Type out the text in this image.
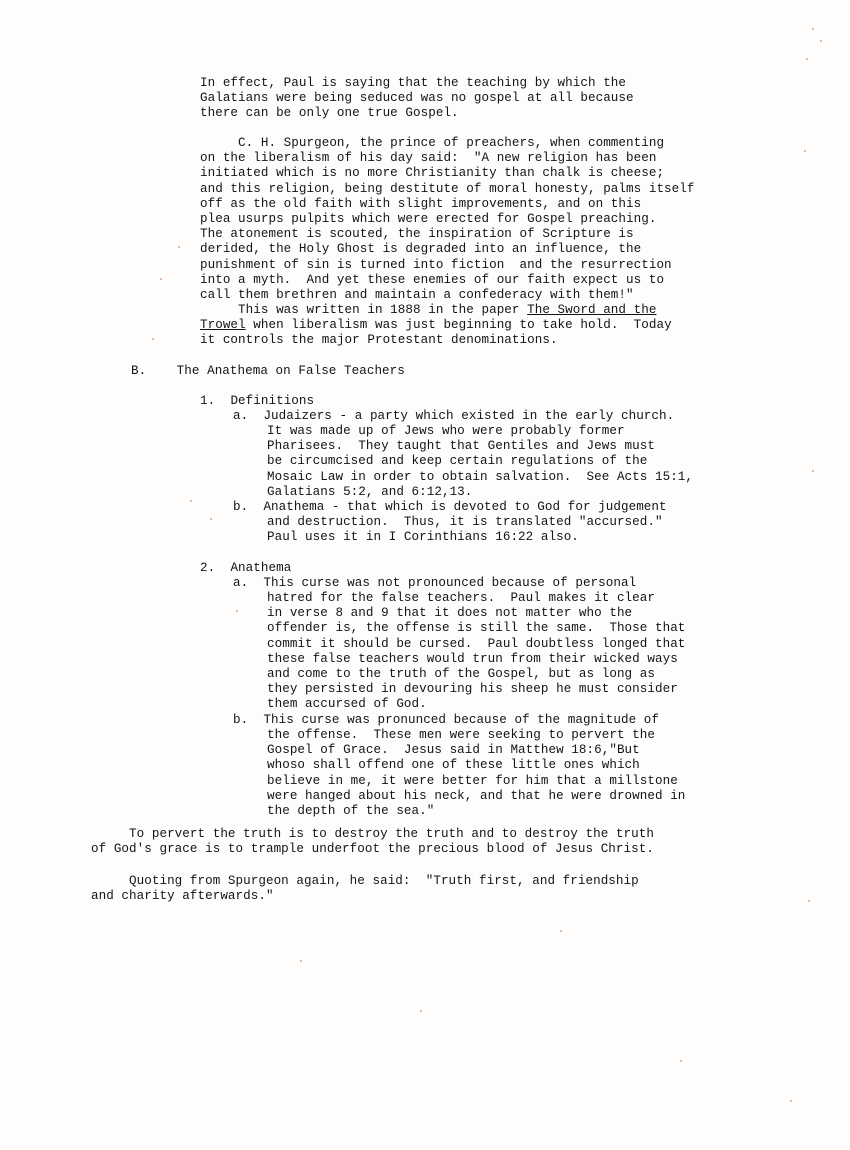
In effect, Paul is saying that the teaching by which the
Galatians were being seduced was no gospel at all because
there can be only one true Gospel.
C. H. Spurgeon, the prince of preachers, when commenting
on the liberalism of his day said:  "A new religion has been
initiated which is no more Christianity than chalk is cheese;
and this religion, being destitute of moral honesty, palms itself
off as the old faith with slight improvements, and on this
plea usurps pulpits which were erected for Gospel preaching.
The atonement is scouted, the inspiration of Scripture is
derided, the Holy Ghost is degraded into an influence, the
punishment of sin is turned into fiction  and the resurrection
into a myth.  And yet these enemies of our faith expect us to
call them brethren and maintain a confederacy with them!"
This was written in 1888 in the paper The Sword and the
Trowel when liberalism was just beginning to take hold.  Today
it controls the major Protestant denominations.
B. The Anathema on False Teachers
1. Definitions
a. Judaizers - a party which existed in the early church.
It was made up of Jews who were probably former
Pharisees.  They taught that Gentiles and Jews must
be circumcised and keep certain regulations of the
Mosaic Law in order to obtain salvation.  See Acts 15:1,
Galatians 5:2, and 6:12,13.
b. Anathema - that which is devoted to God for judgement
and destruction.  Thus, it is translated "accursed."
Paul uses it in I Corinthians 16:22 also.
2. Anathema
a. This curse was not pronounced because of personal
hatred for the false teachers.  Paul makes it clear
in verse 8 and 9 that it does not matter who the
offender is, the offense is still the same.  Those that
commit it should be cursed.  Paul doubtless longed that
these false teachers would trun from their wicked ways
and come to the truth of the Gospel, but as long as
they persisted in devouring his sheep he must consider
them accursed of God.
b. This curse was pronunced because of the magnitude of
the offense.  These men were seeking to pervert the
Gospel of Grace.  Jesus said in Matthew 18:6,"But
whoso shall offend one of these little ones which
believe in me, it were better for him that a millstone
were hanged about his neck, and that he were drowned in
the depth of the sea."
To pervert the truth is to destroy the truth and to destroy the truth
of God's grace is to trample underfoot the precious blood of Jesus Christ.
Quoting from Spurgeon again, he said:  "Truth first, and friendship
and charity afterwards."
